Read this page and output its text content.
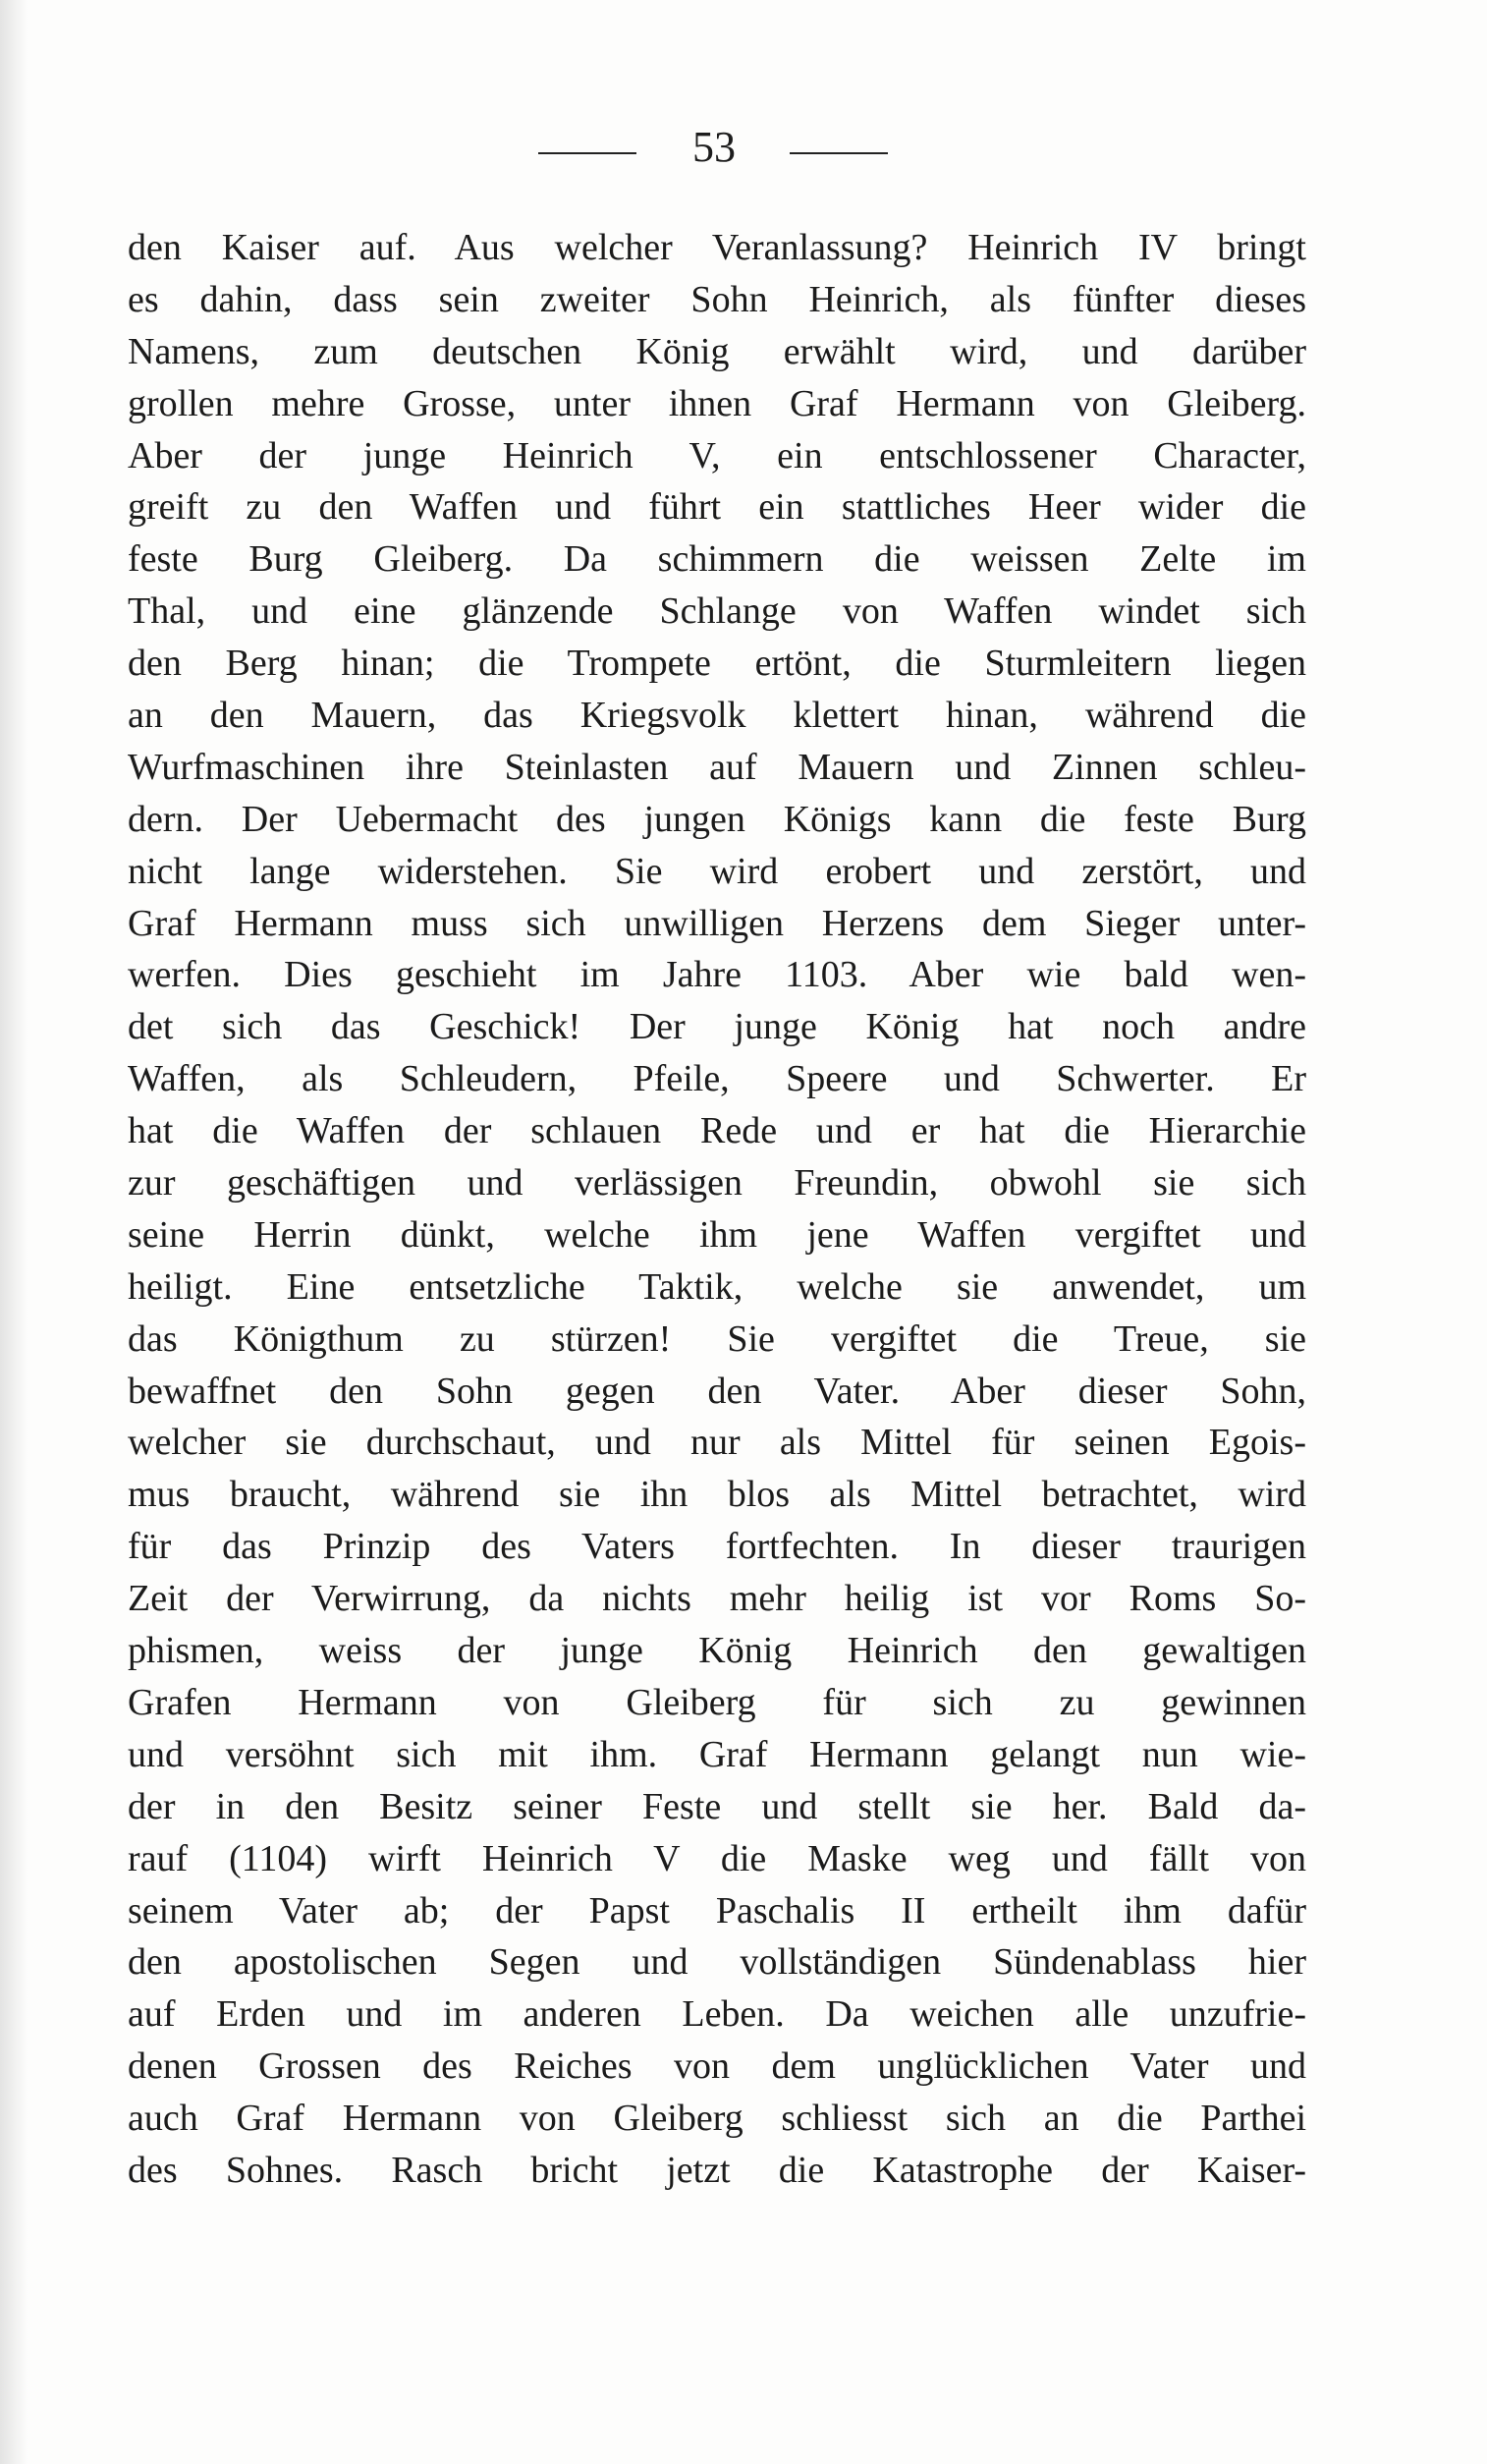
53
den Kaiser auf. Aus welcher Veranlassung? Heinrich IV bringt
es dahin, dass sein zweiter Sohn Heinrich, als fünfter dieses
Namens, zum deutschen König erwählt wird, und darüber
grollen mehre Grosse, unter ihnen Graf Hermann von Gleiberg.
Aber der junge Heinrich V, ein entschlossener Character,
greift zu den Waffen und führt ein stattliches Heer wider die
feste Burg Gleiberg. Da schimmern die weissen Zelte im
Thal, und eine glänzende Schlange von Waffen windet sich
den Berg hinan; die Trompete ertönt, die Sturmleitern liegen
an den Mauern, das Kriegsvolk klettert hinan, während die
Wurfmaschinen ihre Steinlasten auf Mauern und Zinnen schleu-
dern. Der Uebermacht des jungen Königs kann die feste Burg
nicht lange widerstehen. Sie wird erobert und zerstört, und
Graf Hermann muss sich unwilligen Herzens dem Sieger unter-
werfen. Dies geschieht im Jahre 1103. Aber wie bald wen-
det sich das Geschick! Der junge König hat noch andre
Waffen, als Schleudern, Pfeile, Speere und Schwerter. Er
hat die Waffen der schlauen Rede und er hat die Hierarchie
zur geschäftigen und verlässigen Freundin, obwohl sie sich
seine Herrin dünkt, welche ihm jene Waffen vergiftet und
heiligt. Eine entsetzliche Taktik, welche sie anwendet, um
das Königthum zu stürzen! Sie vergiftet die Treue, sie
bewaffnet den Sohn gegen den Vater. Aber dieser Sohn,
welcher sie durchschaut, und nur als Mittel für seinen Egois-
mus braucht, während sie ihn blos als Mittel betrachtet, wird
für das Prinzip des Vaters fortfechten. In dieser traurigen
Zeit der Verwirrung, da nichts mehr heilig ist vor Roms So-
phismen, weiss der junge König Heinrich den gewaltigen
Grafen Hermann von Gleiberg für sich zu gewinnen
und versöhnt sich mit ihm. Graf Hermann gelangt nun wie-
der in den Besitz seiner Feste und stellt sie her. Bald da-
rauf (1104) wirft Heinrich V die Maske weg und fällt von
seinem Vater ab; der Papst Paschalis II ertheilt ihm dafür
den apostolischen Segen und vollständigen Sündenablass hier
auf Erden und im anderen Leben. Da weichen alle unzufrie-
denen Grossen des Reiches von dem unglücklichen Vater und
auch Graf Hermann von Gleiberg schliesst sich an die Parthei
des Sohnes. Rasch bricht jetzt die Katastrophe der Kaiser-
